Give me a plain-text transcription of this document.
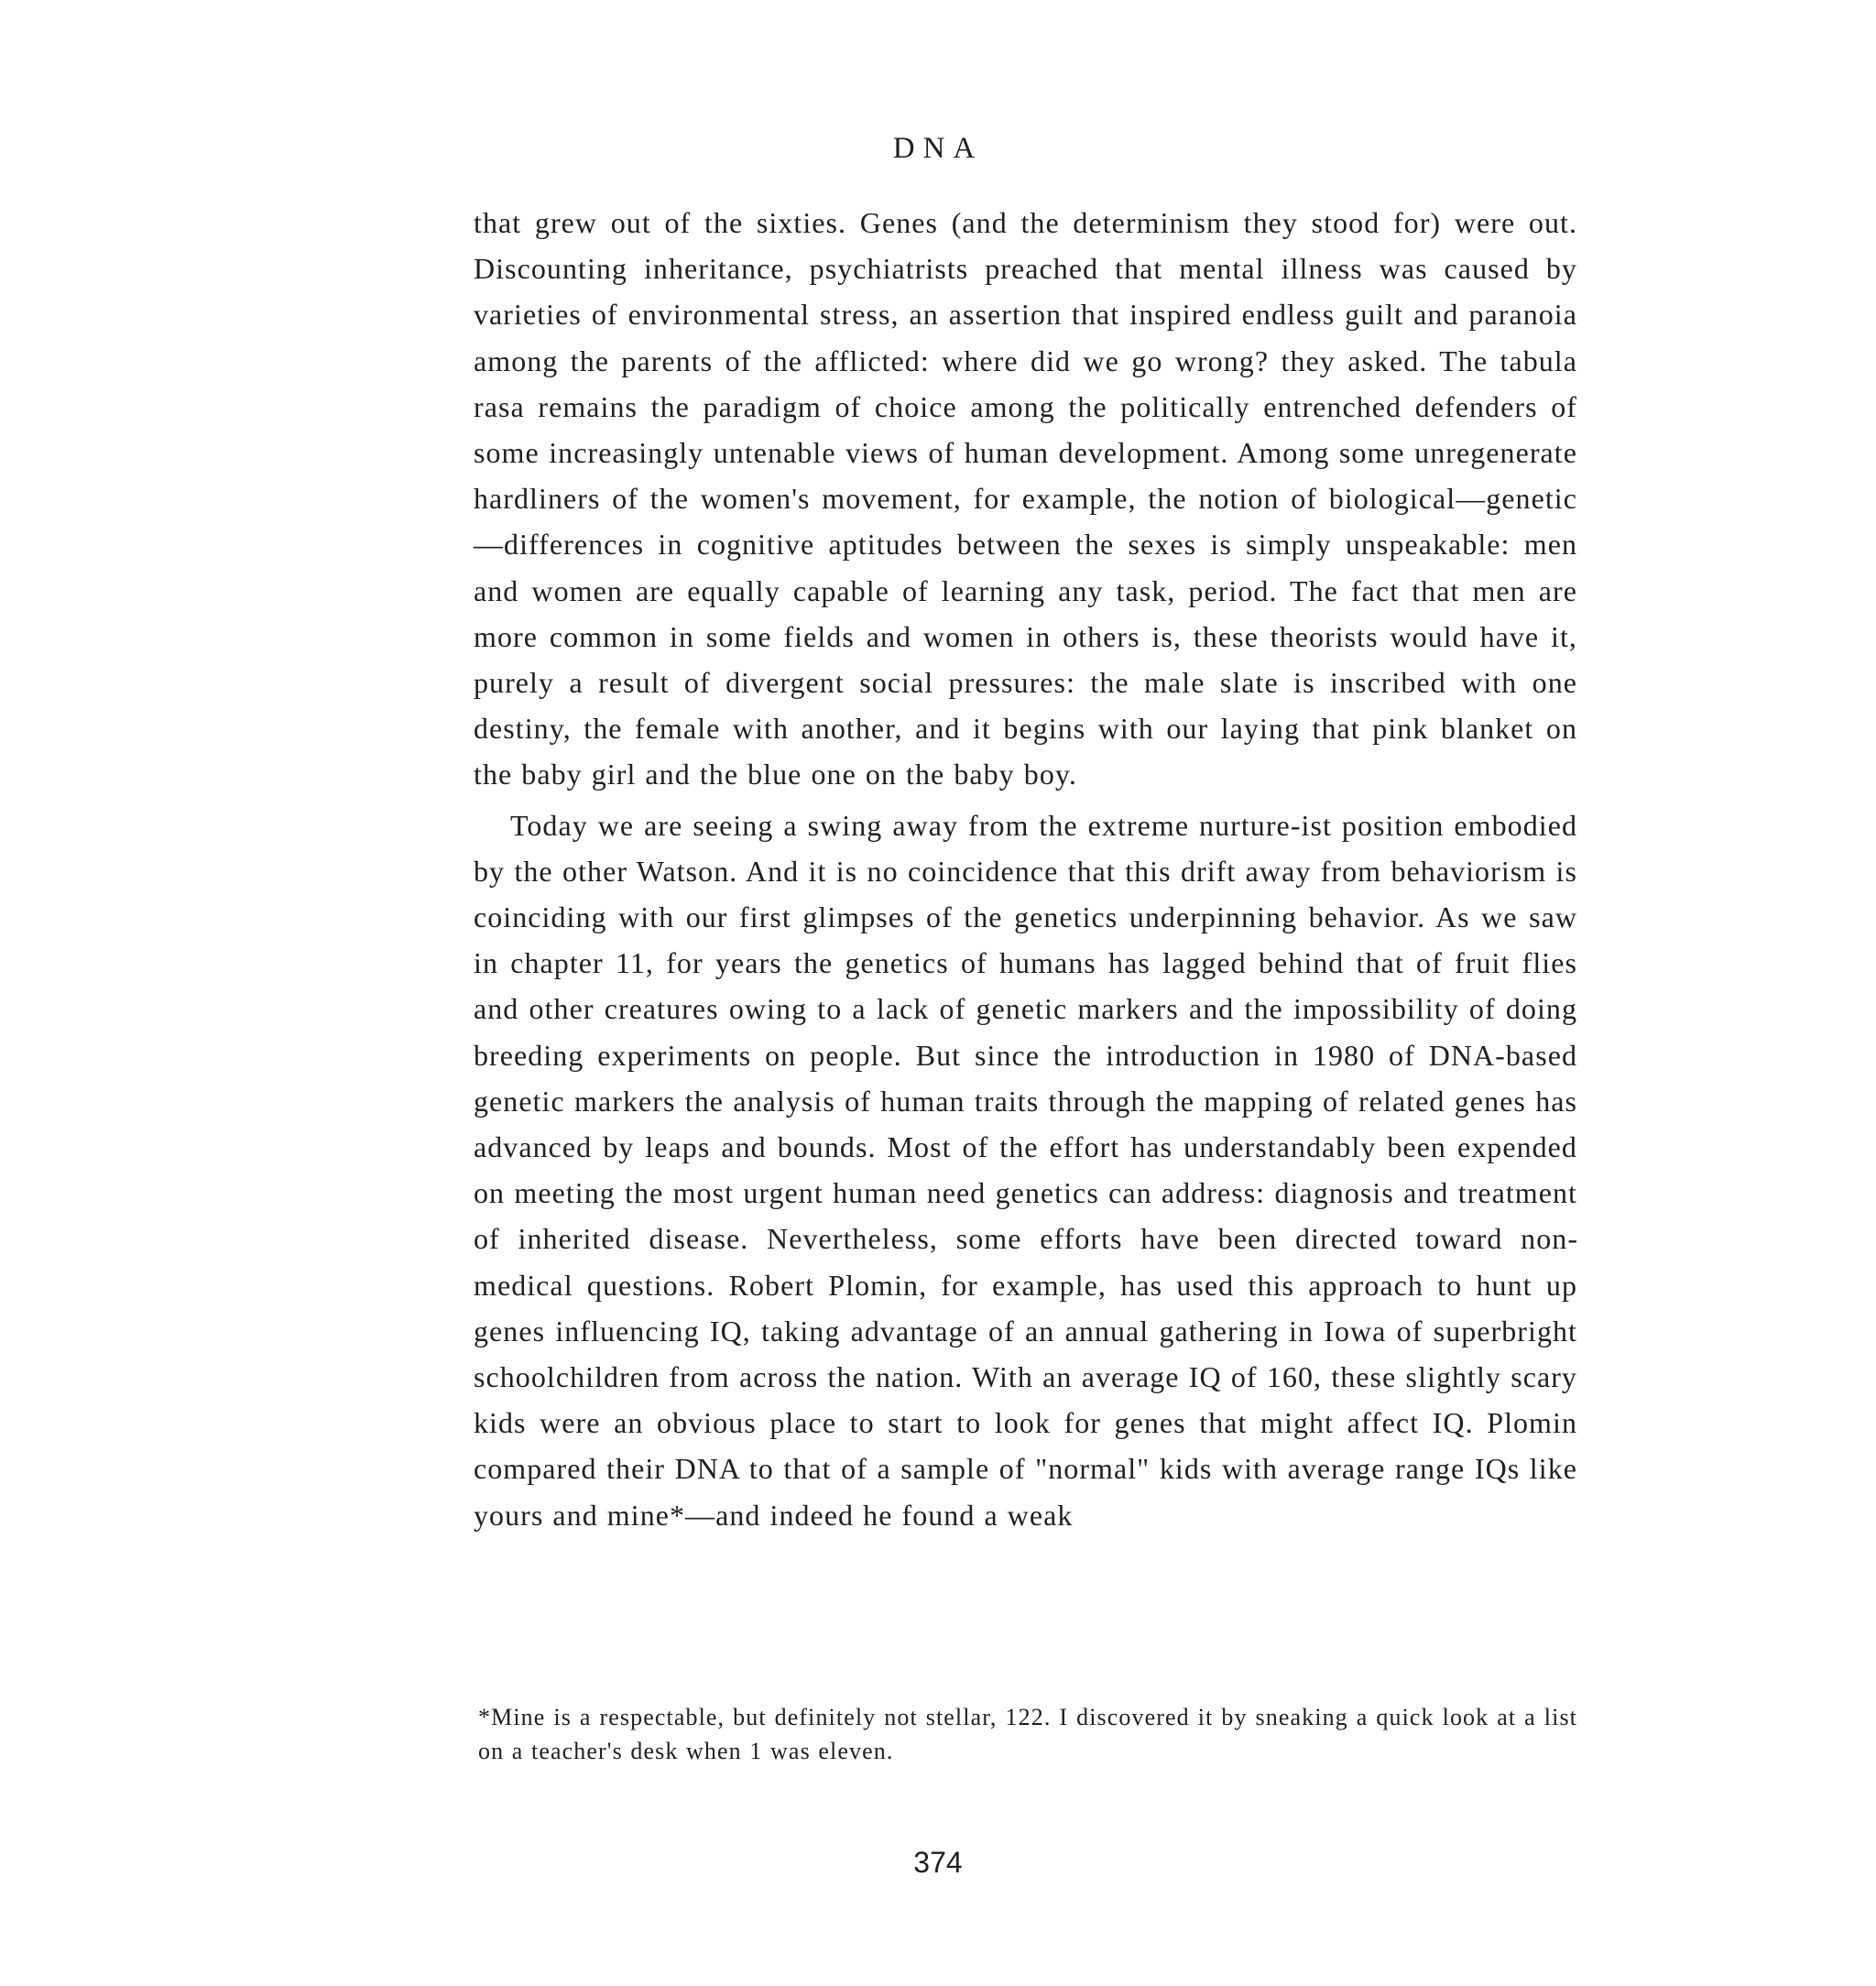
DNA

that grew out of the sixties. Genes (and the determinism they stood for) were out. Discounting inheritance, psychiatrists preached that mental illness was caused by varieties of environmental stress, an assertion that inspired endless guilt and paranoia among the parents of the afflicted: where did we go wrong? they asked. The tabula rasa remains the paradigm of choice among the politically entrenched defenders of some increasingly untenable views of human development. Among some unregenerate hardliners of the women's movement, for example, the notion of biological—genetic—differences in cognitive aptitudes between the sexes is simply unspeakable: men and women are equally capable of learning any task, period. The fact that men are more common in some fields and women in others is, these theorists would have it, purely a result of divergent social pressures: the male slate is inscribed with one destiny, the female with another, and it begins with our laying that pink blanket on the baby girl and the blue one on the baby boy.

Today we are seeing a swing away from the extreme nurture-ist position embodied by the other Watson. And it is no coincidence that this drift away from behaviorism is coinciding with our first glimpses of the genetics underpinning behavior. As we saw in chapter 11, for years the genetics of humans has lagged behind that of fruit flies and other creatures owing to a lack of genetic markers and the impossibility of doing breeding experiments on people. But since the introduction in 1980 of DNA-based genetic markers the analysis of human traits through the mapping of related genes has advanced by leaps and bounds. Most of the effort has understandably been expended on meeting the most urgent human need genetics can address: diagnosis and treatment of inherited disease. Nevertheless, some efforts have been directed toward nonmedical questions. Robert Plomin, for example, has used this approach to hunt up genes influencing IQ, taking advantage of an annual gathering in Iowa of superbright schoolchildren from across the nation. With an average IQ of 160, these slightly scary kids were an obvious place to start to look for genes that might affect IQ. Plomin compared their DNA to that of a sample of "normal" kids with average range IQs like yours and mine*—and indeed he found a weak

*Mine is a respectable, but definitely not stellar, 122. I discovered it by sneaking a quick look at a list on a teacher's desk when 1 was eleven.

374
